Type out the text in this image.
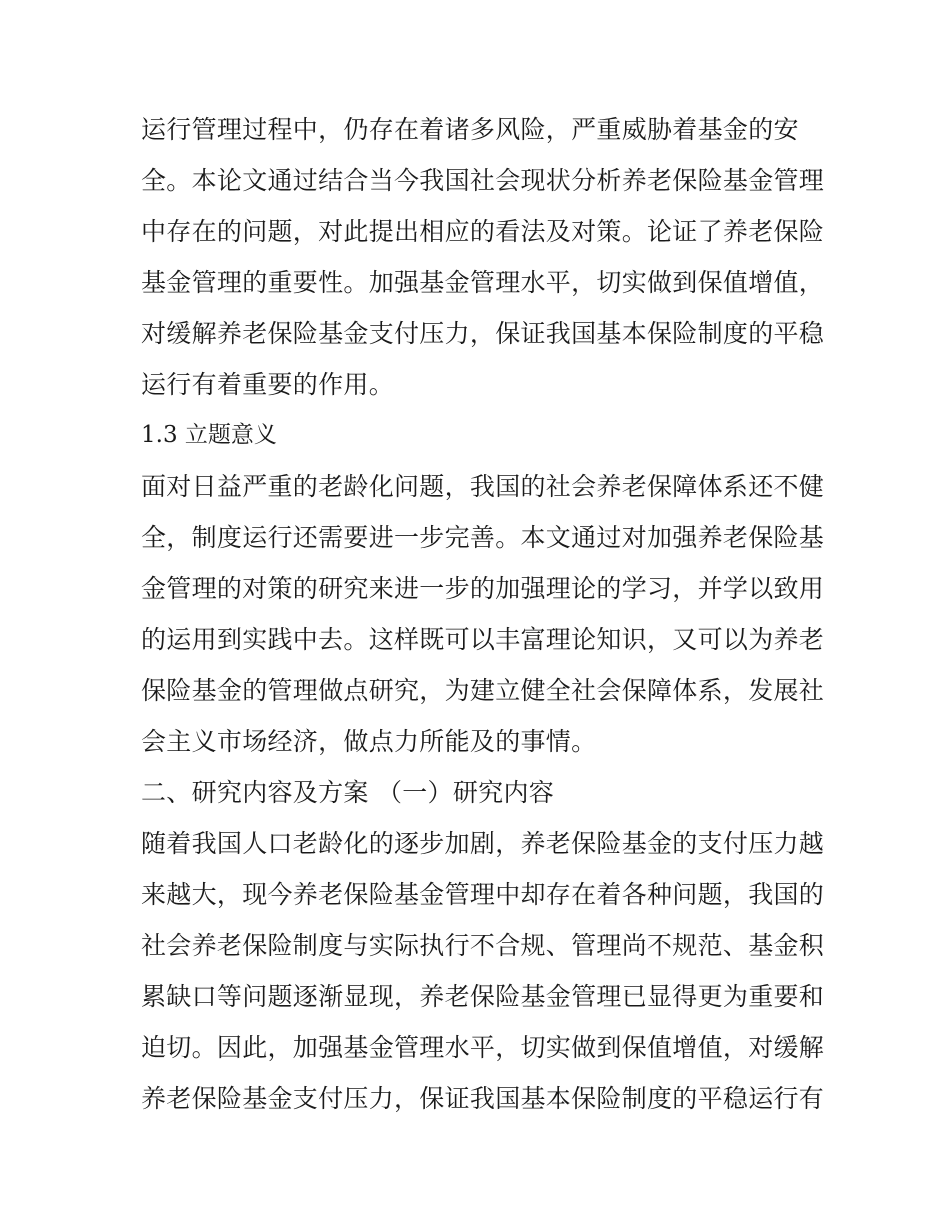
运行管理过程中，仍存在着诸多风险，严重威胁着基金的安
全。本论文通过结合当今我国社会现状分析养老保险基金管理
中存在的问题，对此提出相应的看法及对策。论证了养老保险
基金管理的重要性。加强基金管理水平，切实做到保值增值，
对缓解养老保险基金支付压力，保证我国基本保险制度的平稳
运行有着重要的作用。
1.3 立题意义
面对日益严重的老龄化问题，我国的社会养老保障体系还不健
全，制度运行还需要进一步完善。本文通过对加强养老保险基
金管理的对策的研究来进一步的加强理论的学习，并学以致用
的运用到实践中去。这样既可以丰富理论知识，又可以为养老
保险基金的管理做点研究，为建立健全社会保障体系，发展社
会主义市场经济，做点力所能及的事情。
二、研究内容及方案 （一）研究内容
随着我国人口老龄化的逐步加剧，养老保险基金的支付压力越
来越大，现今养老保险基金管理中却存在着各种问题，我国的
社会养老保险制度与实际执行不合规、管理尚不规范、基金积
累缺口等问题逐渐显现，养老保险基金管理已显得更为重要和
迫切。因此，加强基金管理水平，切实做到保值增值，对缓解
养老保险基金支付压力，保证我国基本保险制度的平稳运行有
